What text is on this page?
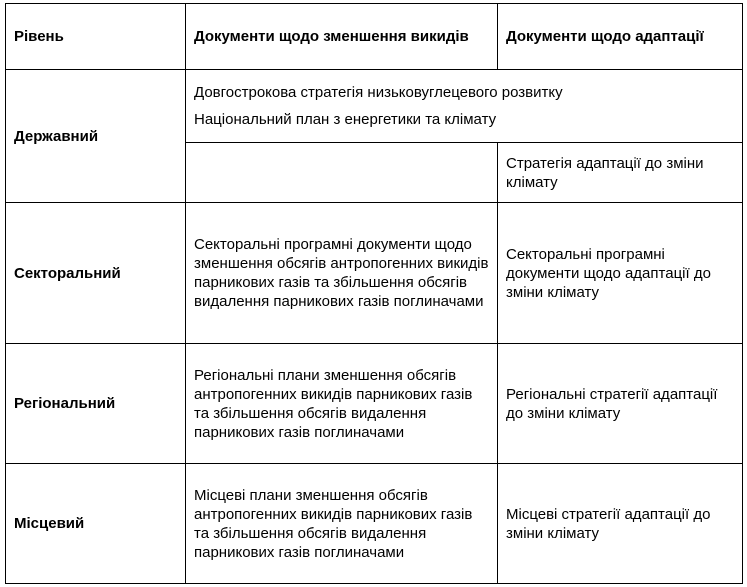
Рівень	Документи щодо зменшення викидів	Документи щодо адаптації
Державний	Довгострокова стратегія низьковуглецевого розвитку
Національний план з енергетики та клімату	

		Стратегія адаптації до зміни клімату
Секторальний	Секторальні програмні документи щодо зменшення обсягів антропогенних викидів парникових газів та збільшення обсягів видалення парникових газів поглиначами	Секторальні програмні документи щодо адаптації до зміни клімату
Регіональний	Регіональні плани зменшення обсягів антропогенних викидів парникових газів та збільшення обсягів видалення парникових газів поглиначами	Регіональні стратегії адаптації до зміни клімату
Місцевий	Місцеві плани зменшення обсягів антропогенних викидів парникових газів та збільшення обсягів видалення парникових газів поглиначами	Місцеві стратегії адаптації до зміни клімату
